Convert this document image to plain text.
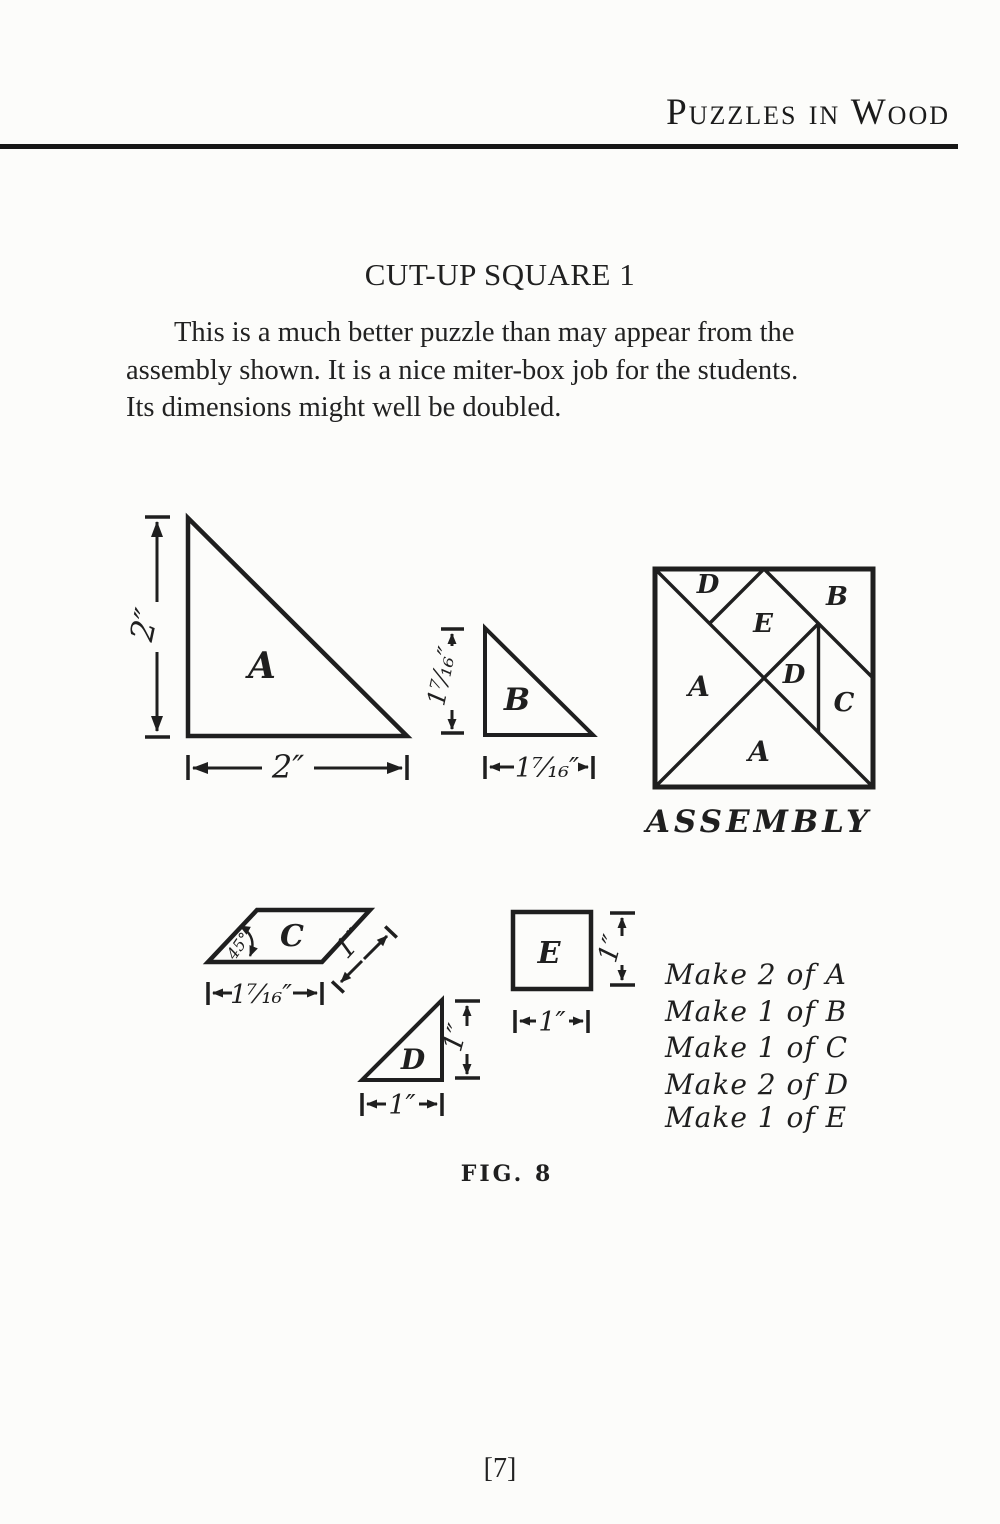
Puzzles in Wood
CUT-UP SQUARE 1
This is a much better puzzle than may appear from the
assembly shown. It is a nice miter-box job for the students.
Its dimensions might well be doubled.
A
2″
2″
B
1⁷⁄₁₆″
1⁷⁄₁₆″
D	B
E
A	D
C
A
ASSEMBLY
C
45°
1⁷⁄₁₆″
1″	E 1″
1″
D
1″
1″
Make 2 of A
Make 1 of B
Make 1 of C
Make 2 of D
Make 1 of E
FIG. 8
[7]
